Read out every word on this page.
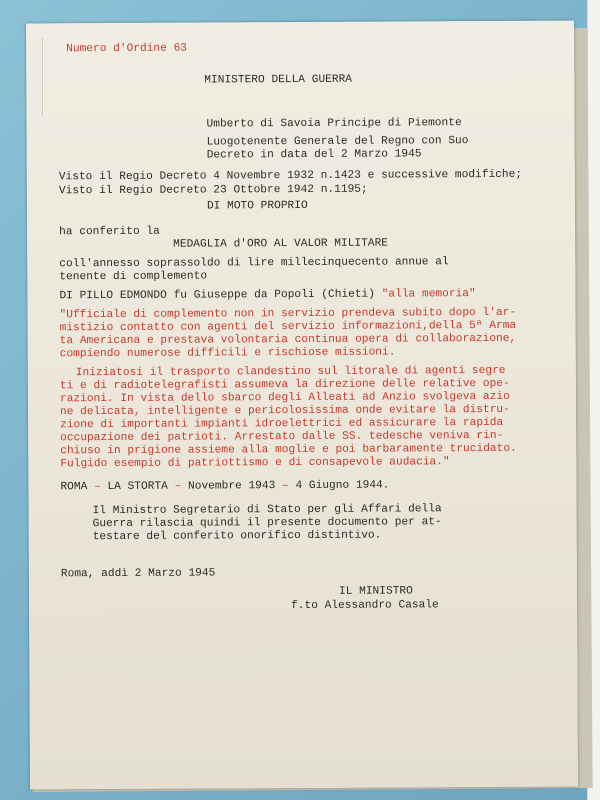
Numero d'Ordine 63
MINISTERO DELLA GUERRA
Umberto di Savoia Principe di Piemonte
Luogotenente Generale del Regno con Suo
Decreto in data del 2 Marzo 1945
Visto il Regio Decreto 4 Novembre 1932 n.1423 e successive modifiche;
Visto il Regio Decreto 23 Ottobre 1942 n.1195;
DI MOTO PROPRIO
ha conferito la
MEDAGLIA d'ORO AL VALOR MILITARE
coll'annesso soprassoldo di lire millecinquecento annue al
tenente di complemento
DI PILLO EDMONDO fu Giuseppe da Popoli (Chieti) "alla memoria"
"Ufficiale di complemento non in servizio prendeva subito dopo l'ar-
mistizio contatto con agenti del servizio informazioni,della 5ª Arma
ta Americana e prestava volontaria continua opera di collaborazione,
compiendo numerose difficili e rischiose missioni.
Iniziatosi il trasporto clandestino sul litorale di agenti segre
ti e di radiotelegrafisti assumeva la direzione delle relative ope-
razioni. In vista dello sbarco degli Alleati ad Anzio svolgeva azio
ne delicata, intelligente e pericolosissima onde evitare la distru-
zione di importanti impianti idroelettrici ed assicurare la rapida
occupazione dei patrioti. Arrestato dalle SS. tedesche veniva rin-
chiuso in prigione assieme alla moglie e poi barbaramente trucidato.
Fulgido esempio di patriottismo e di consapevole audacia."
ROMA – LA STORTA – Novembre 1943 – 4 Giugno 1944.
Il Ministro Segretario di Stato per gli Affari della
Guerra rilascia quindi il presente documento per at-
testare del conferito onorifico distintivo.
Roma, addì 2 Marzo 1945
IL MINISTRO
f.to Alessandro Casale
